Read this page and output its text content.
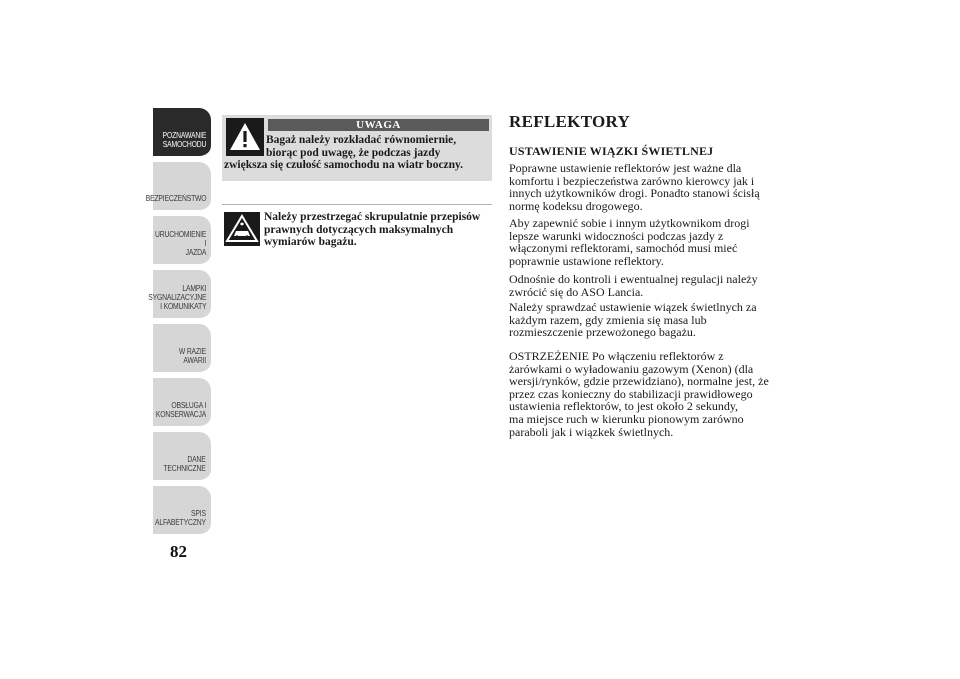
POZNAWANIE
SAMOCHODU
BEZPIECZEŃSTWO
URUCHOMIENIE I
JAZDA
LAMPKI
SYGNALIZACYJNE
I KOMUNIKATY
W RAZIE AWARII
OBSŁUGA I
KONSERWACJA
DANE
TECHNICZNE
SPIS
ALFABETYCZNY
82
UWAGA
Bagaż należy rozkładać równomiernie,
biorąc pod uwagę, że podczas jazdy
zwiększa się czułość samochodu na wiatr boczny.
Należy przestrzegać skrupulatnie przepisów prawnych dotyczących maksymalnych wymiarów bagażu.
REFLEKTORY
USTAWIENIE WIĄZKI ŚWIETLNEJ
Poprawne ustawienie reflektorów jest ważne dla
komfortu i bezpieczeństwa zarówno kierowcy jak i
innych użytkowników drogi. Ponadto stanowi ścisłą
normę kodeksu drogowego.
Aby zapewnić sobie i innym użytkownikom drogi
lepsze warunki widoczności podczas jazdy z
włączonymi reflektorami, samochód musi mieć
poprawnie ustawione reflektory.
Odnośnie do kontroli i ewentualnej regulacji należy
zwrócić się do ASO Lancia.
Należy sprawdzać ustawienie wiązek świetlnych za
każdym razem, gdy zmienia się masa lub
rozmieszczenie przewożonego bagażu.
OSTRZEŻENIE Po włączeniu reflektorów z
żarówkami o wyładowaniu gazowym (Xenon) (dla
wersji/rynków, gdzie przewidziano), normalne jest, że
przez czas konieczny do stabilizacji prawidłowego
ustawienia reflektorów, to jest około 2 sekundy,
ma miejsce ruch w kierunku pionowym zarówno
paraboli jak i wiązkek świetlnych.
